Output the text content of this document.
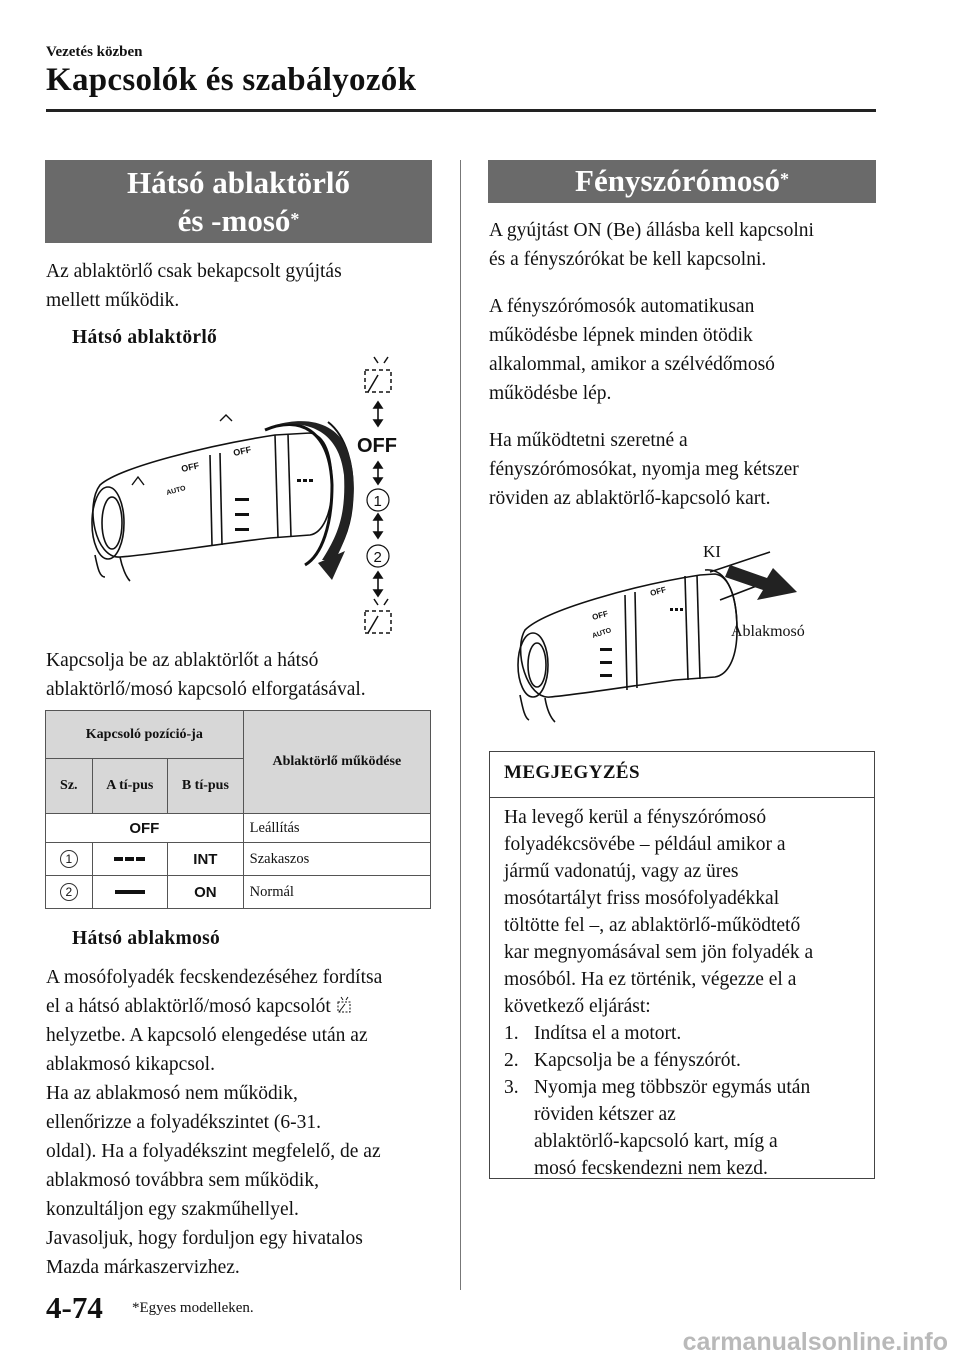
Vezetés közben
Kapcsolók és szabályozók
Hátsó ablaktörlő
és -mosó*
Az ablaktörlő csak bekapcsolt gyújtás
mellett működik.
Hátsó ablaktörlő
OFF
OFF
AUTO
OFF
1
2
Kapcsolja be az ablaktörlőt a hátsó
ablaktörlő/mosó kapcsoló elforgatásával.
Kapcsoló pozíció-ja			Ablaktörlő működése
Sz.	A tí-pus	B tí-pus	
OFF			Leállítás
1		INT	Szakaszos
2		ON	Normál
Hátsó ablakmosó
A mosófolyadék fecskendezéséhez fordítsa
el a hátsó ablaktörlő/mosó kapcsolót
helyzetbe. A kapcsoló elengedése után az
ablakmosó kikapcsol.
Ha az ablakmosó nem működik,
ellenőrizze a folyadékszintet (6-31.
oldal). Ha a folyadékszint megfelelő, de az
ablakmosó továbbra sem működik,
konzultáljon egy szakműhellyel.
Javasoljuk, hogy forduljon egy hivatalos
Mazda márkaszervizhez.
Fényszórómosó*
A gyújtást ON (Be) állásba kell kapcsolni
és a fényszórókat be kell kapcsolni.
A fényszórómosók automatikusan
működésbe lépnek minden ötödik
alkalommal, amikor a szélvédőmosó
működésbe lép.
Ha működtetni szeretné a
fényszórómosókat, nyomja meg kétszer
röviden az ablaktörlő-kapcsoló kart.
OFF
OFF
AUTO
KI
Ablakmosó
MEGJEGYZÉS
Ha levegő kerül a fényszórómosó
folyadékcsövébe – például amikor a
jármű vadonatúj, vagy az üres
mosótartályt friss mosófolyadékkal
töltötte fel –, az ablaktörlő-működtető
kar megnyomásával sem jön folyadék a
mosóból. Ha ez történik, végezze el a
következő eljárást:
1. Indítsa el a motort.
2. Kapcsolja be a fényszórót.
3. Nyomja meg többször egymás után
röviden kétszer az
ablaktörlő-kapcsoló kart, míg a
mosó fecskendezni nem kezd.
4-74 *Egyes modelleken.
carmanualsonline.info
